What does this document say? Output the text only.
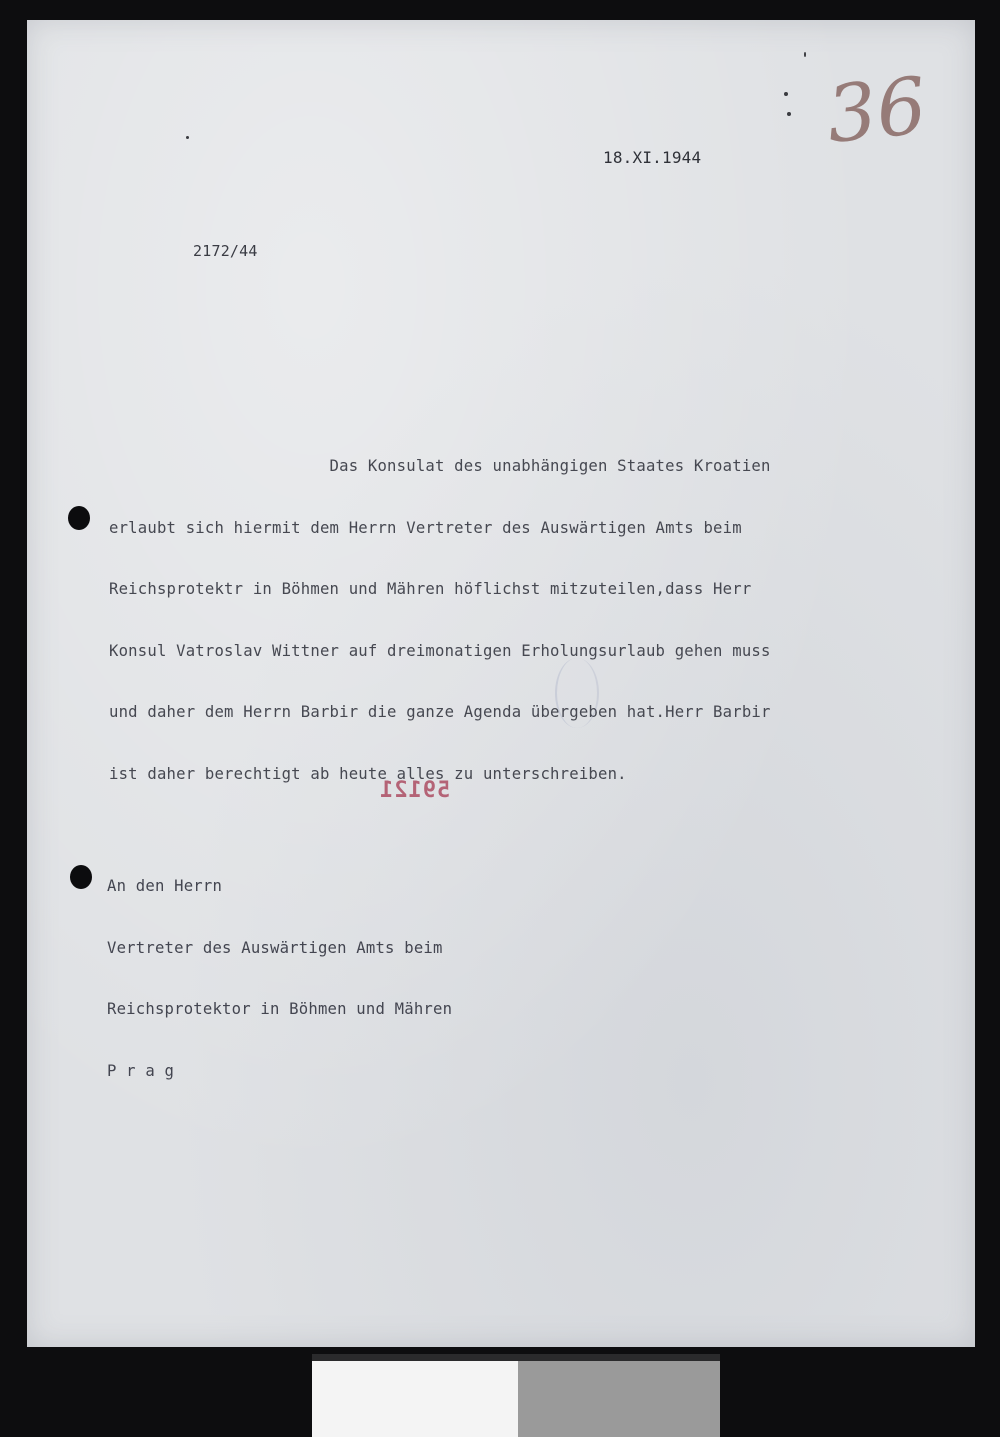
36
18.XI.1944
2172/44

Das Konsulat des unabhängigen Staates Kroatien

erlaubt sich hiermit dem Herrn Vertreter des Auswärtigen Amts beim

Reichsprotektr in Böhmen und Mähren höflichst mitzuteilen,dass Herr

Konsul Vatroslav Wittner auf dreimonatigen Erholungsurlaub gehen muss

und daher dem Herrn Barbir die ganze Agenda übergeben hat.Herr Barbir

ist daher berechtigt ab heute alles zu unterschreiben.

59121

An den Herrn

Vertreter des Auswärtigen Amts beim

Reichsprotektor in Böhmen und Mähren

P r a g
